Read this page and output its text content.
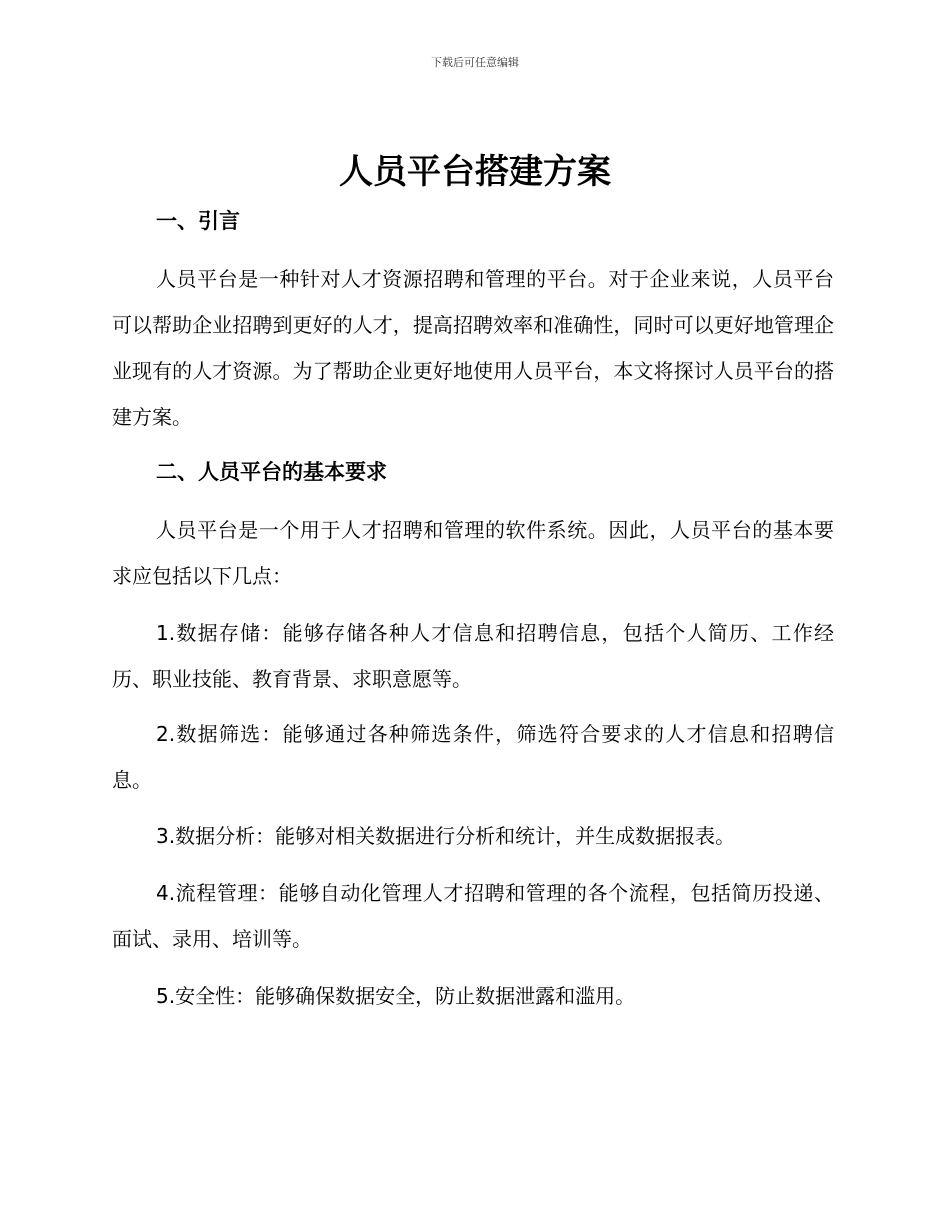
下载后可任意编辑
人员平台搭建方案
一、引言

人员平台是一种针对人才资源招聘和管理的平台。对于企业来说，人员平台可以帮助企业招聘到更好的人才，提高招聘效率和准确性，同时可以更好地管理企业现有的人才资源。为了帮助企业更好地使用人员平台，本文将探讨人员平台的搭建方案。

二、人员平台的基本要求

人员平台是一个用于人才招聘和管理的软件系统。因此，人员平台的基本要求应包括以下几点：

1.数据存储：能够存储各种人才信息和招聘信息，包括个人简历、工作经历、职业技能、教育背景、求职意愿等。

2.数据筛选：能够通过各种筛选条件，筛选符合要求的人才信息和招聘信息。

3.数据分析：能够对相关数据进行分析和统计，并生成数据报表。

4.流程管理：能够自动化管理人才招聘和管理的各个流程，包括简历投递、面试、录用、培训等。

5.安全性：能够确保数据安全，防止数据泄露和滥用。
